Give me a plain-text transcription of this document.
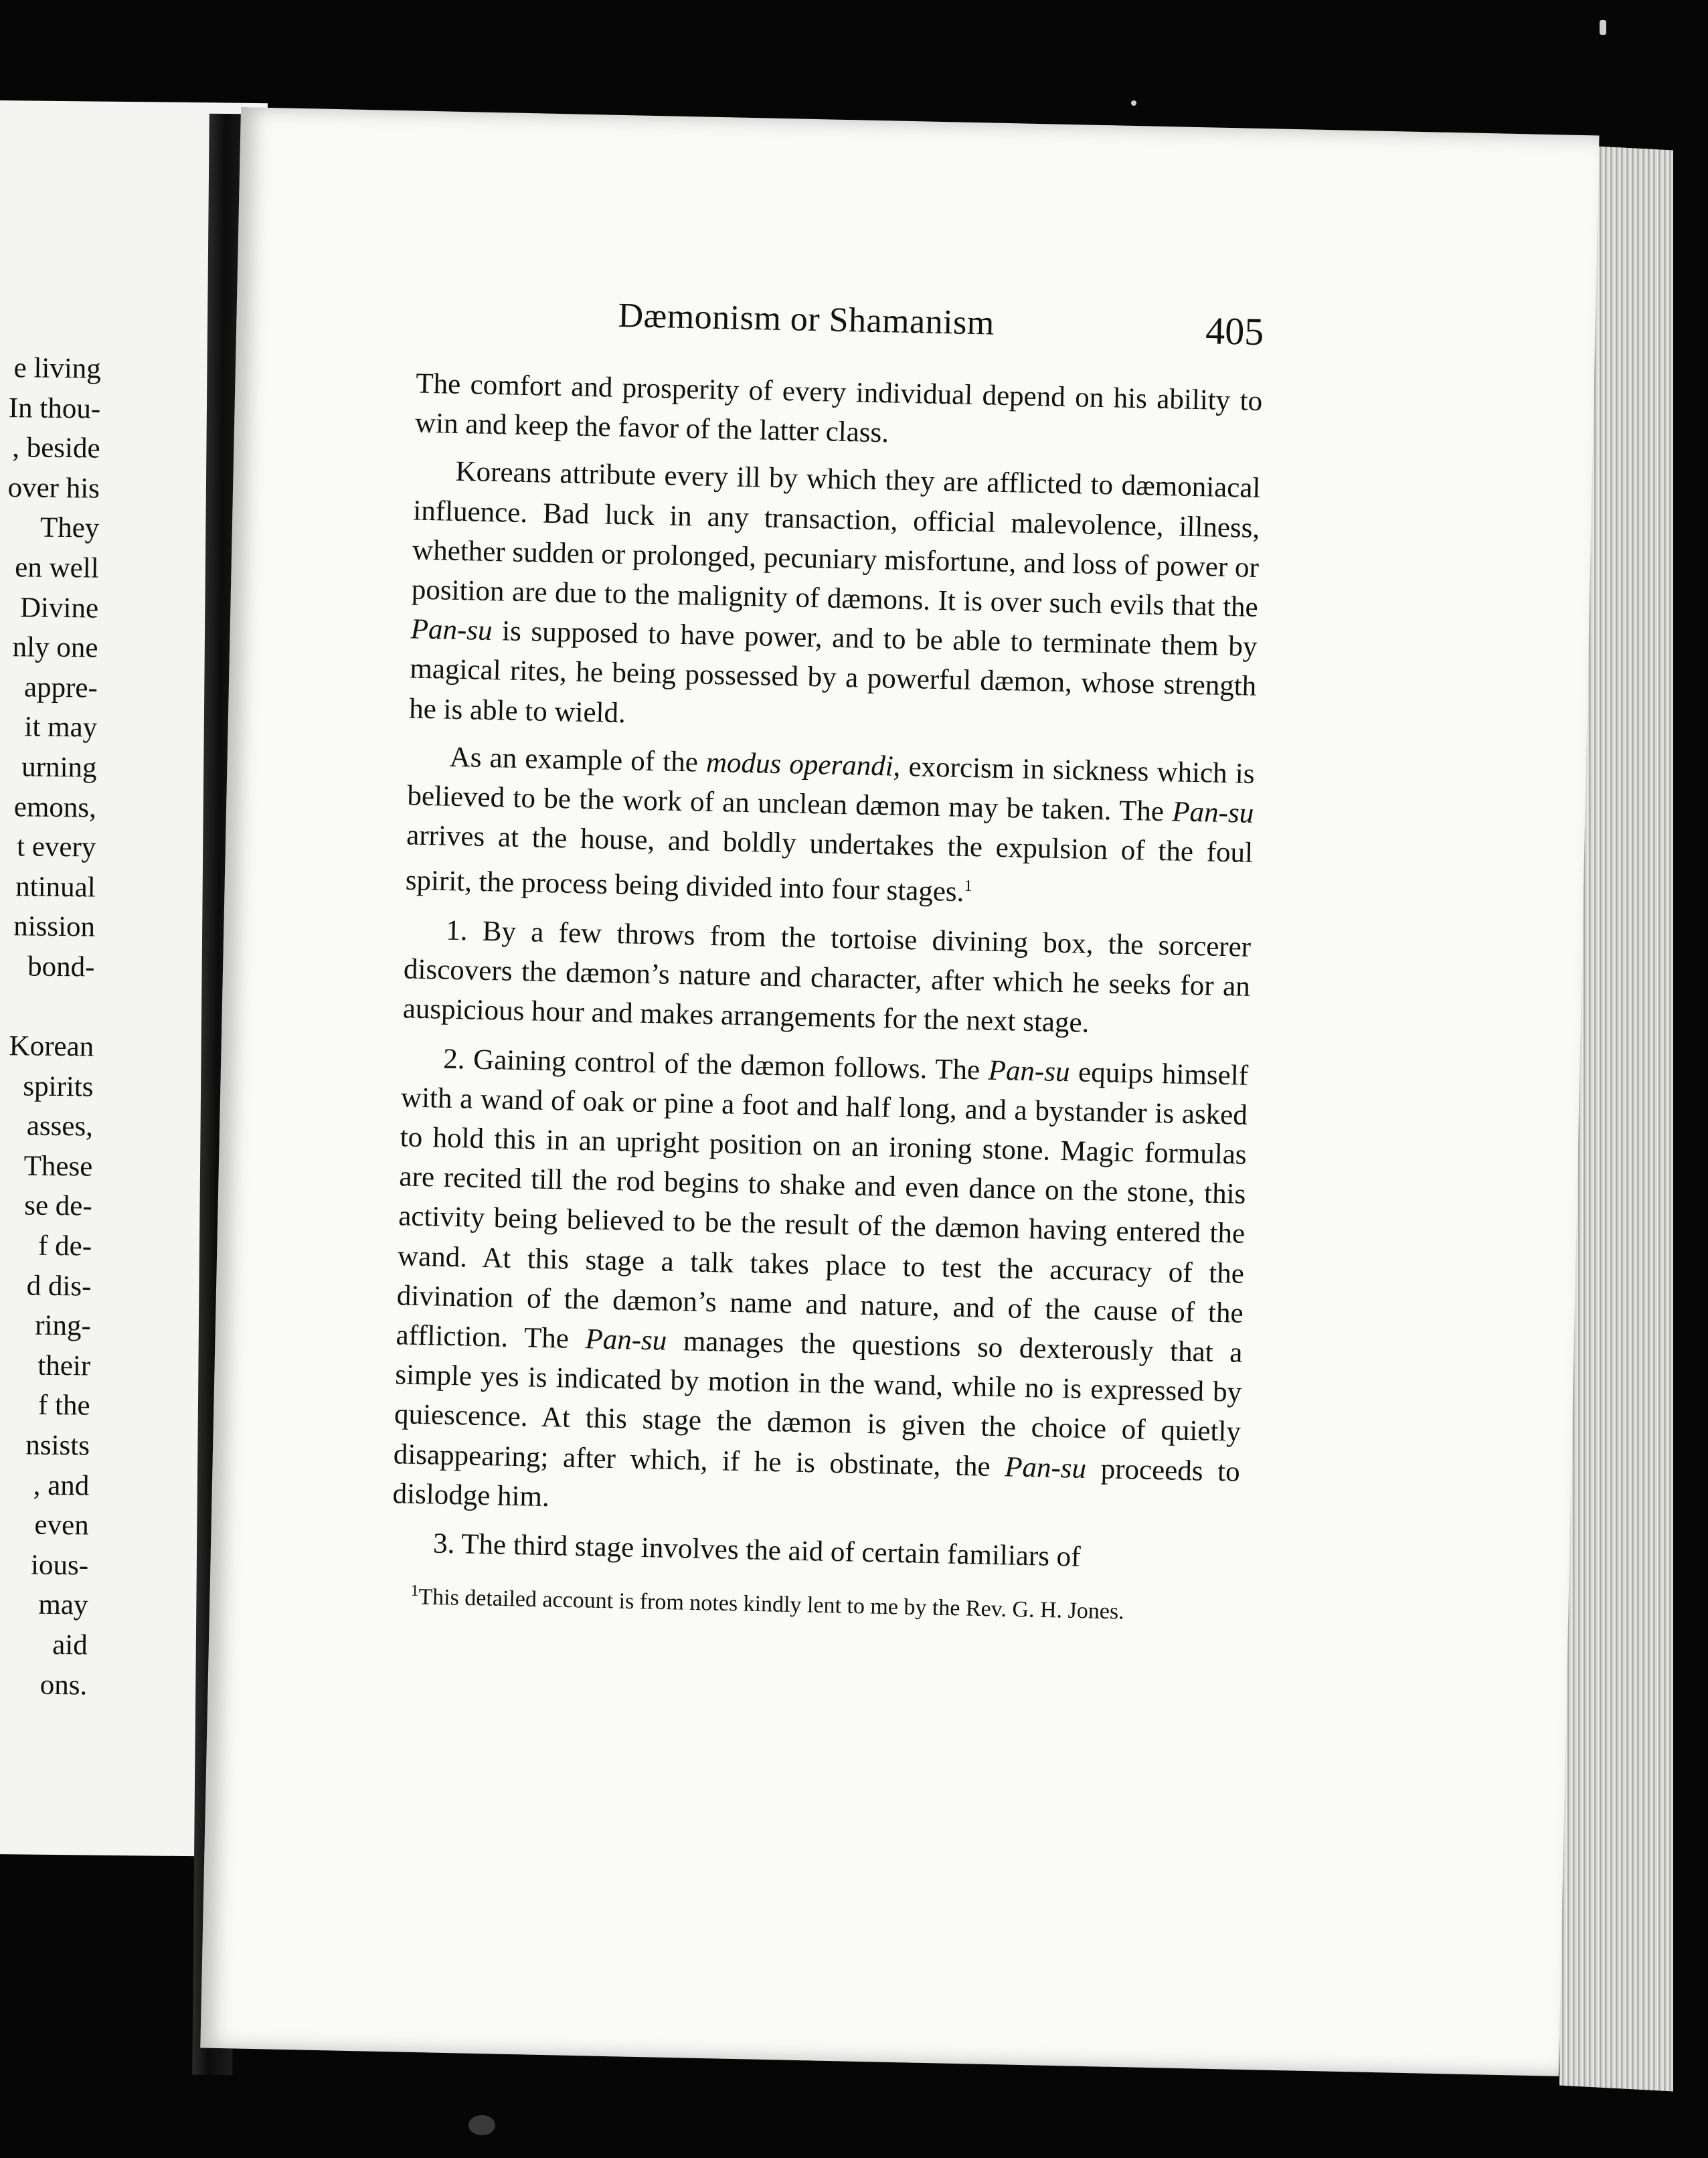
e living
In thou-
, beside
over his
They
en well
Divine
nly one
appre-
it may
urning
emons,
t every
ntinual
nission
bond-

Korean
spirits
asses,
These
se de-
f de-
d dis-
ring-
their
f the
nsists
, and
even
ious-
may
aid
ons.
Dæmonism or Shamanism	405

The comfort and prosperity of every individual depend on his ability to win and keep the favor of the latter class.

Koreans attribute every ill by which they are afflicted to dæmoniacal influence. Bad luck in any transaction, official malevolence, illness, whether sudden or prolonged, pecuniary misfortune, and loss of power or position are due to the malignity of dæmons. It is over such evils that the Pan-su is supposed to have power, and to be able to terminate them by magical rites, he being possessed by a powerful dæmon, whose strength he is able to wield.

As an example of the modus operandi, exorcism in sickness which is believed to be the work of an unclean dæmon may be taken. The Pan-su arrives at the house, and boldly undertakes the expulsion of the foul spirit, the process being divided into four stages.$^1$

1. By a few throws from the tortoise divining box, the sorcerer discovers the dæmon’s nature and character, after which he seeks for an auspicious hour and makes arrangements for the next stage.

2. Gaining control of the dæmon follows. The Pan-su equips himself with a wand of oak or pine a foot and half long, and a bystander is asked to hold this in an upright position on an ironing stone. Magic formulas are recited till the rod begins to shake and even dance on the stone, this activity being believed to be the result of the dæmon having entered the wand. At this stage a talk takes place to test the accuracy of the divination of the dæmon’s name and nature, and of the cause of the affliction. The Pan-su manages the questions so dexterously that a simple yes is indicated by motion in the wand, while no is expressed by quiescence. At this stage the dæmon is given the choice of quietly disappearing; after which, if he is obstinate, the Pan-su proceeds to dislodge him.

3. The third stage involves the aid of certain familiars of

$^1$This detailed account is from notes kindly lent to me by the Rev. G. H. Jones.
